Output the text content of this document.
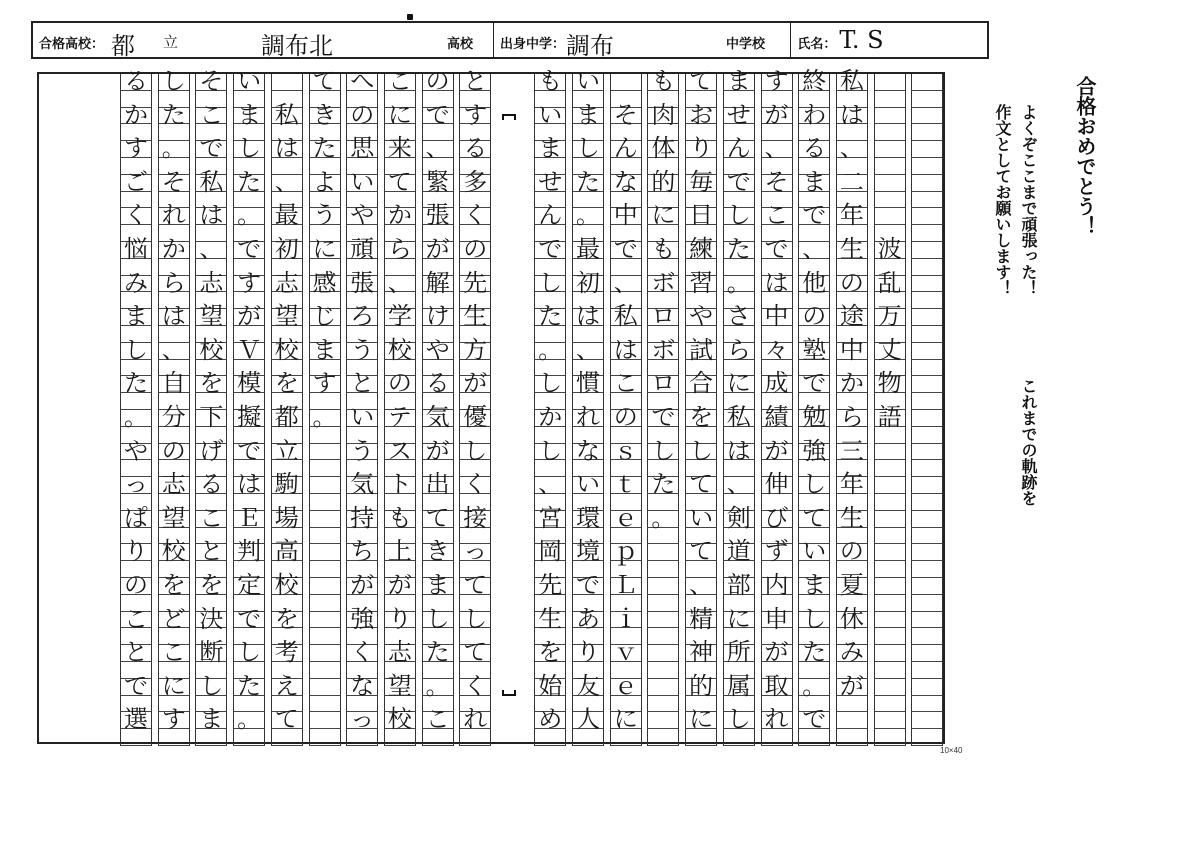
合格高校： 都 立	調布北	高校 出身中学： 調布	中学校 氏名： T. S
波
乱
万
丈
物
語
私
は
、
二
年
生
の
途
中
か
ら
三
年
生
の
夏
休
み
が
終
わ
る
ま
で
、
他
の
塾
で
勉
強
し
て
い
ま
し
た
。
で
す
が
、
そ
こ
で
は
中
々
成
績
が
伸
び
ず
内
申
が
取
れ
ま
せ
ん
で
し
た
。
さ
ら
に
私
は
、
剣
道
部
に
所
属
し
て
お
り
毎
日
練
習
や
試
合
を
し
て
い
て
、
精
神
的
に
も
肉
体
的
に
も
ボ
ロ
ボ
ロ
で
し
た
。
そ
ん
な
中
で
、
私
は
こ
の
ｓ
ｔ
ｅ
ｐ
Ｌ
ｉ
ｖ
ｅ
に
い
ま
し
た
。
最
初
は
、
慣
れ
な
い
環
境
で
あ
り
友
人
も
い
ま
せ
ん
で
し
た
。
し
か
し
、
宮
岡
先
生
を
始
め
と
す
る
多
く
の
先
生
方
が
優
し
く
接
っ
て
し
て
く
れ
の
で
、
緊
張
が
解
け
や
る
気
が
出
て
き
ま
し
た
。
こ
こ
に
来
て
か
ら
、
学
校
の
テ
ス
ト
も
上
が
り
志
望
校
へ
の
思
い
や
頑
張
ろ
う
と
い
う
気
持
ち
が
強
く
な
っ
て
き
た
よ
う
に
感
じ
ま
す
。
私
は
、
最
初
志
望
校
を
都
立
駒
場
高
校
を
考
え
て
い
ま
し
た
。
で
す
が
Ｖ
模
擬
で
は
Ｅ
判
定
で
し
た
。
そ
こ
で
私
は
、
志
望
校
を
下
げ
る
こ
と
を
決
断
し
ま
し
た
。
そ
れ
か
ら
は
、
自
分
の
志
望
校
を
ど
こ
に
す
る
か
す
ご
く
悩
み
ま
し
た
。
や
っ
ぱ
り
の
こ
と
で
選
合格おめでとう！
よくぞここまで頑張った！
これまでの軌跡を
作文としてお願いします！
10×40
